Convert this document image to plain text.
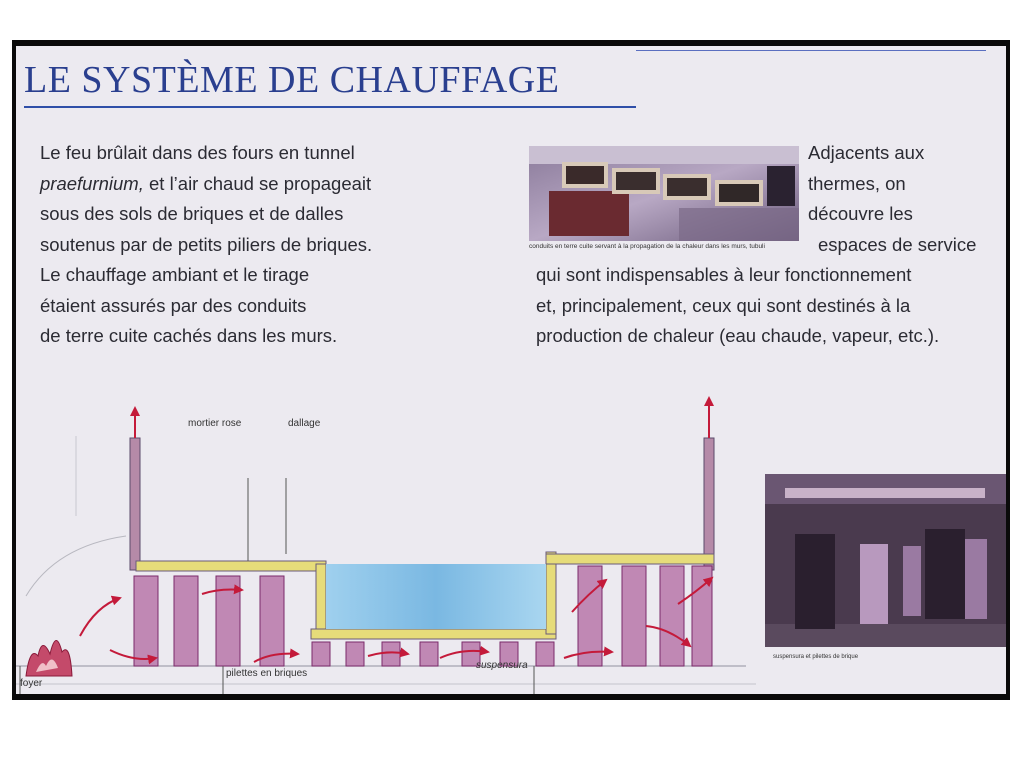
LE SYSTÈME DE CHAUFFAGE
Le feu brûlait dans des fours en tunnel
praefurnium, et l’air chaud se propageait
sous des sols de briques et de dalles
soutenus par de petits piliers de briques.
Le chauffage ambiant et le tirage
étaient assurés par des conduits
de terre cuite cachés dans les murs.
Adjacents aux
thermes, on
découvre les
espaces de service
qui sont indispensables à leur fonctionnement
et, principalement, ceux qui sont destinés à la
production de chaleur (eau chaude, vapeur, etc.).
conduits en terre cuite servant à la propagation de la chaleur dans les murs, tubuli
suspensura et pilettes de brique
mortier rose	dallage
foyer
pilettes en briques
suspensura
